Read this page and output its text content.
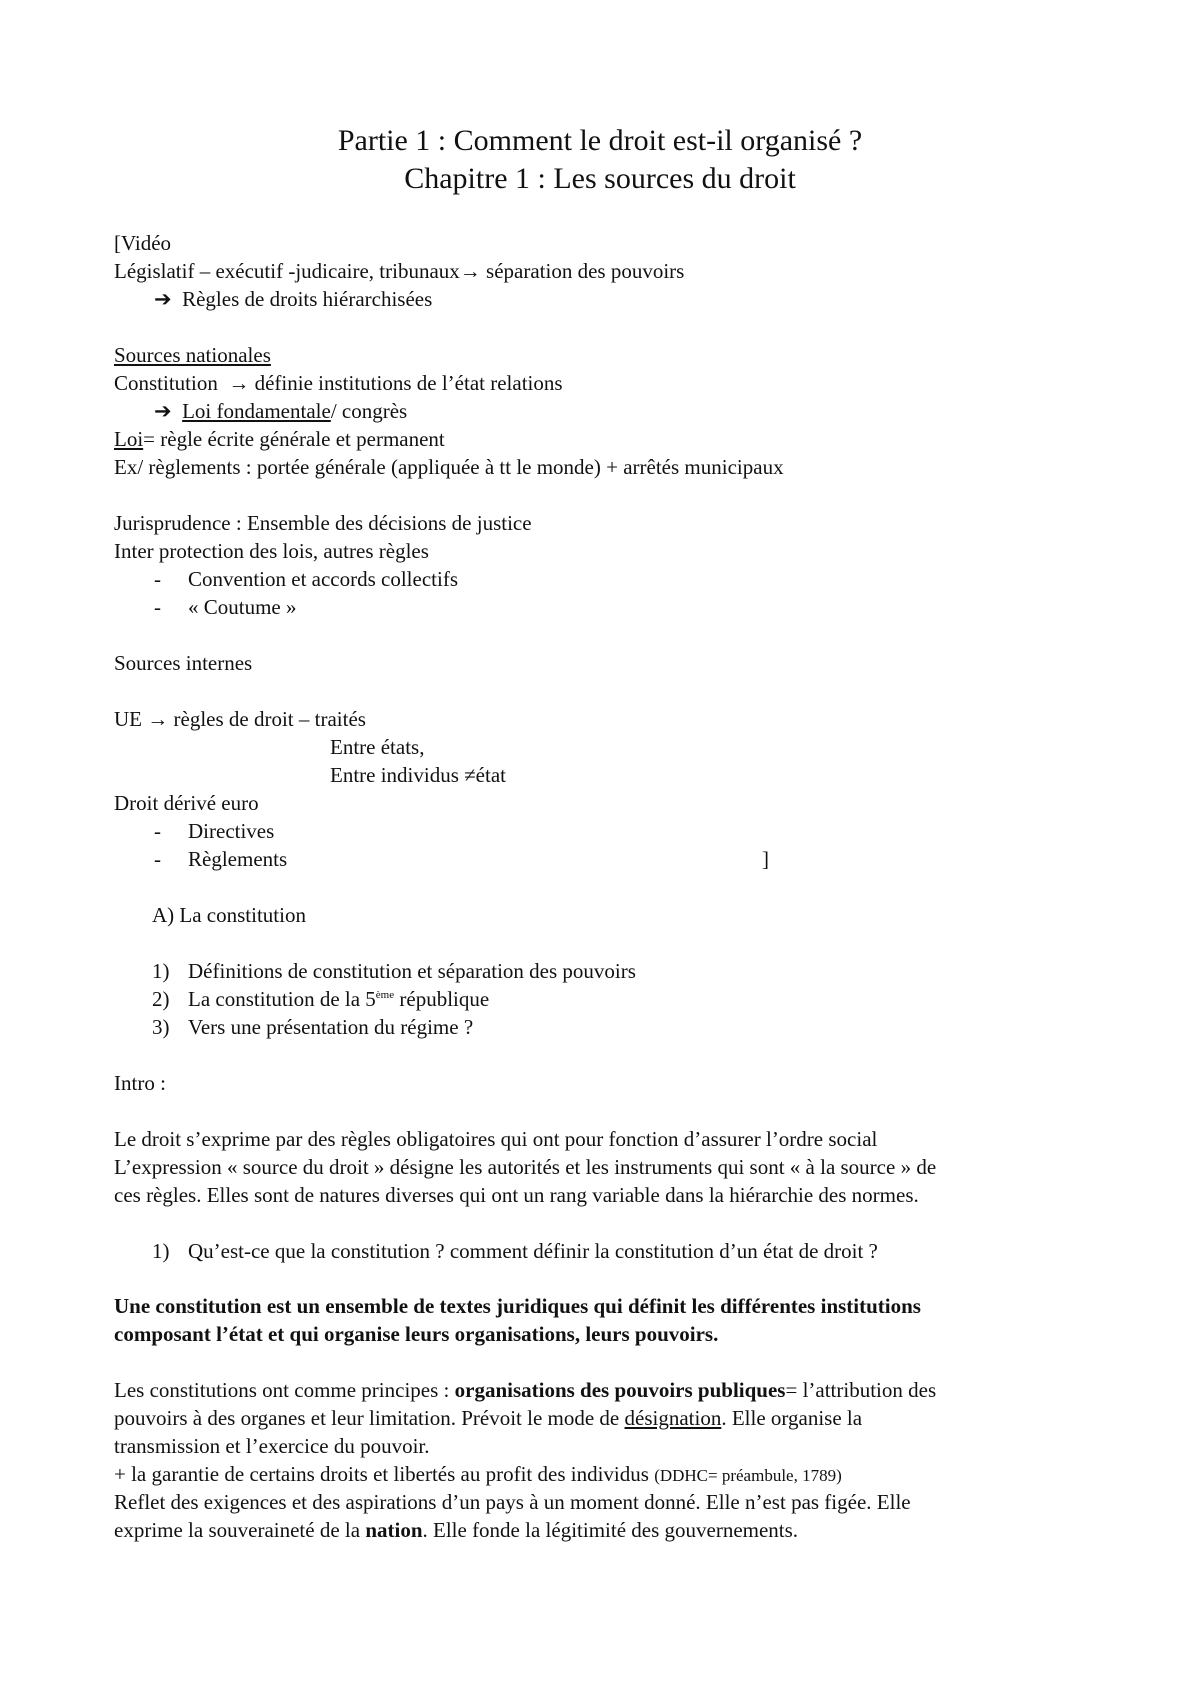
Partie 1 : Comment le droit est-il organisé ?
Chapitre 1 : Les sources du droit
[Vidéo
Législatif – exécutif -judicaire, tribunaux→ séparation des pouvoirs
➔ Règles de droits hiérarchisées
Sources nationales
Constitution → définie institutions de l’état relations
➔ Loi fondamentale/ congrès
Loi= règle écrite générale et permanent
Ex/ règlements : portée générale (appliquée à tt le monde) + arrêtés municipaux
Jurisprudence : Ensemble des décisions de justice
Inter protection des lois, autres règles
- Convention et accords collectifs
- « Coutume »
Sources internes
UE → règles de droit – traités
Entre états,
Entre individus ≠état
Droit dérivé euro
- Directives
- Règlements	]
A) La constitution
1) Définitions de constitution et séparation des pouvoirs
2) La constitution de la 5ème république
3) Vers une présentation du régime ?
Intro :
Le droit s’exprime par des règles obligatoires qui ont pour fonction d’assurer l’ordre social
L’expression « source du droit » désigne les autorités et les instruments qui sont « à la source » de
ces règles. Elles sont de natures diverses qui ont un rang variable dans la hiérarchie des normes.
1) Qu’est-ce que la constitution ? comment définir la constitution d’un état de droit ?
Une constitution est un ensemble de textes juridiques qui définit les différentes institutions
composant l’état et qui organise leurs organisations, leurs pouvoirs.
Les constitutions ont comme principes : organisations des pouvoirs publiques= l’attribution des
pouvoirs à des organes et leur limitation. Prévoit le mode de désignation. Elle organise la
transmission et l’exercice du pouvoir.
+ la garantie de certains droits et libertés au profit des individus (DDHC= préambule, 1789)
Reflet des exigences et des aspirations d’un pays à un moment donné. Elle n’est pas figée. Elle
exprime la souveraineté de la nation. Elle fonde la légitimité des gouvernements.
